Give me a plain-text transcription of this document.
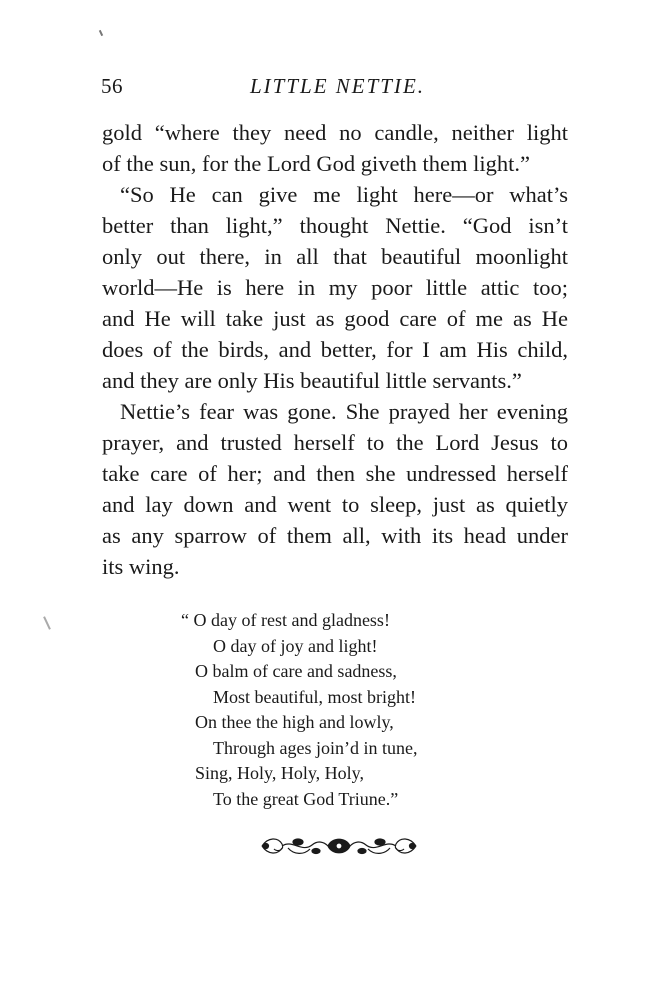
56	LITTLE NETTIE.

gold “where they need no candle, neither light
of the sun, for the Lord God giveth them light.”

“So He can give me light here—or what’s

better than light,” thought Nettie. “God isn’t
only out there, in all that beautiful moonlight
world—He is here in my poor little attic too;
and He will take just as good care of me as He
does of the birds, and better, for I am His child,
and they are only His beautiful little servants.”

Nettie’s fear was gone. She prayed her evening

prayer, and trusted herself to the Lord Jesus to
take care of her; and then she undressed herself
and lay down and went to sleep, just as quietly
as any sparrow of them all, with its head under
its wing.

“ O day of rest and gladness!
O day of joy and light!
O balm of care and sadness,
Most beautiful, most bright!
On thee the high and lowly,
Through ages join’d in tune,
Sing, Holy, Holy, Holy,
To the great God Triune.”
